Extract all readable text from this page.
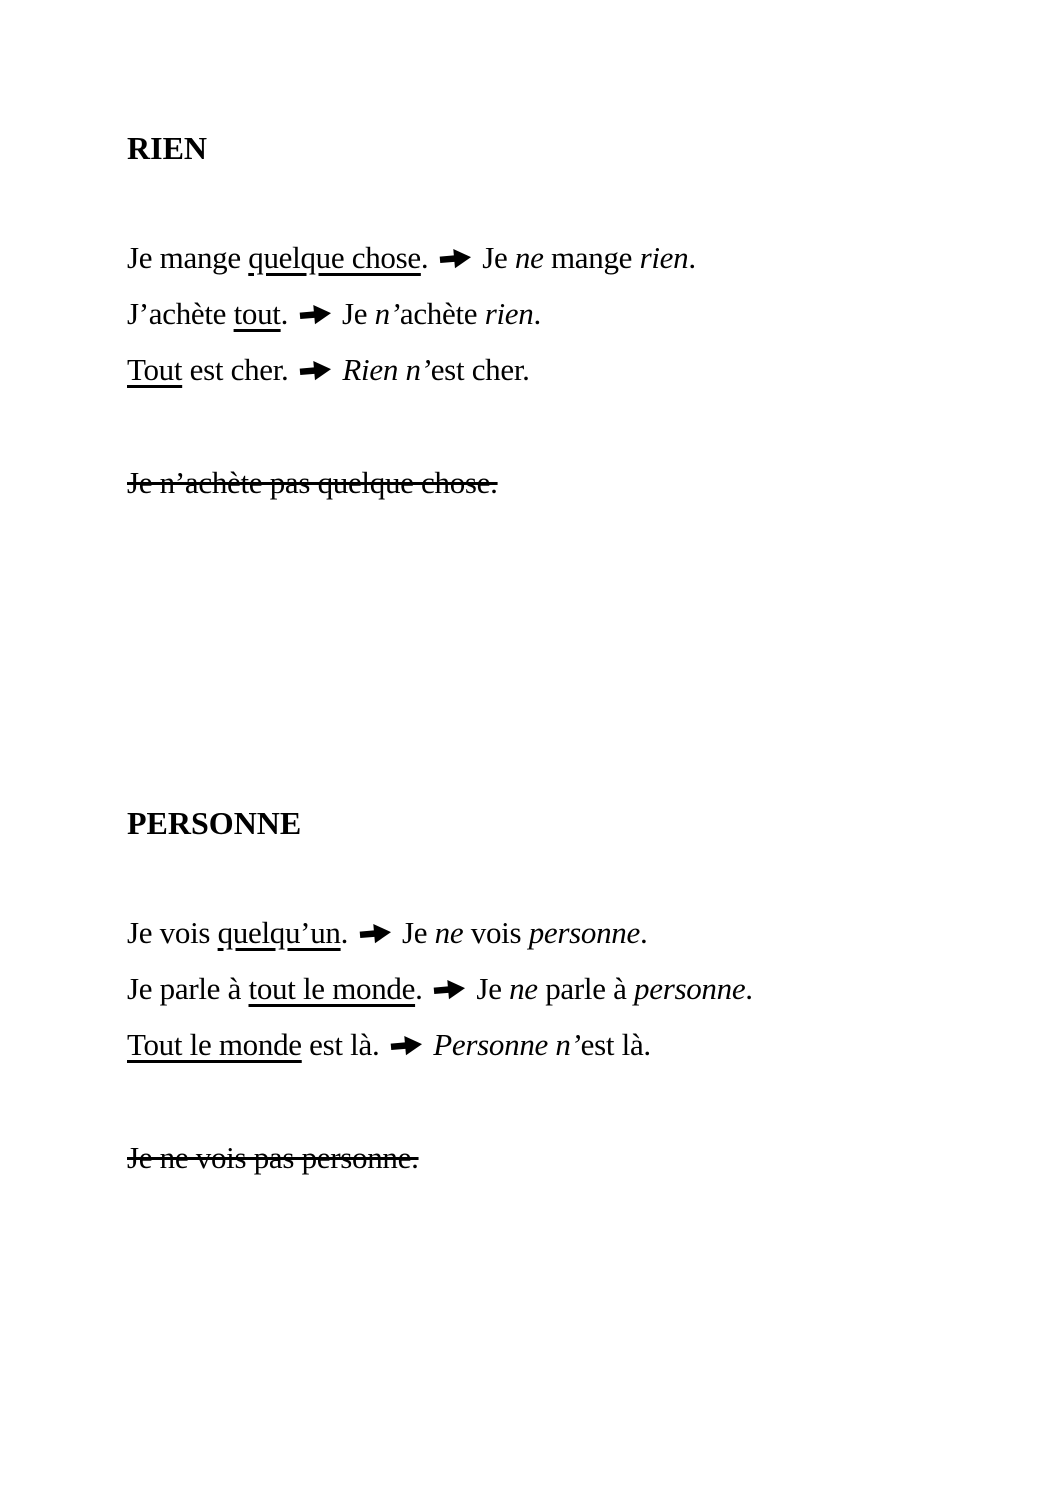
RIEN
Je mange quelque chose.
Je ne mange rien.
J’achète tout.
Je n’achète rien.
Tout est cher.
Rien n’est cher.

Je n’achète pas quelque chose.

PERSONNE
Je vois quelqu’un.
Je ne vois personne.
Je parle à tout le monde.
Je ne parle à personne.
Tout le monde est là.
Personne n’est là.

Je ne vois pas personne.
